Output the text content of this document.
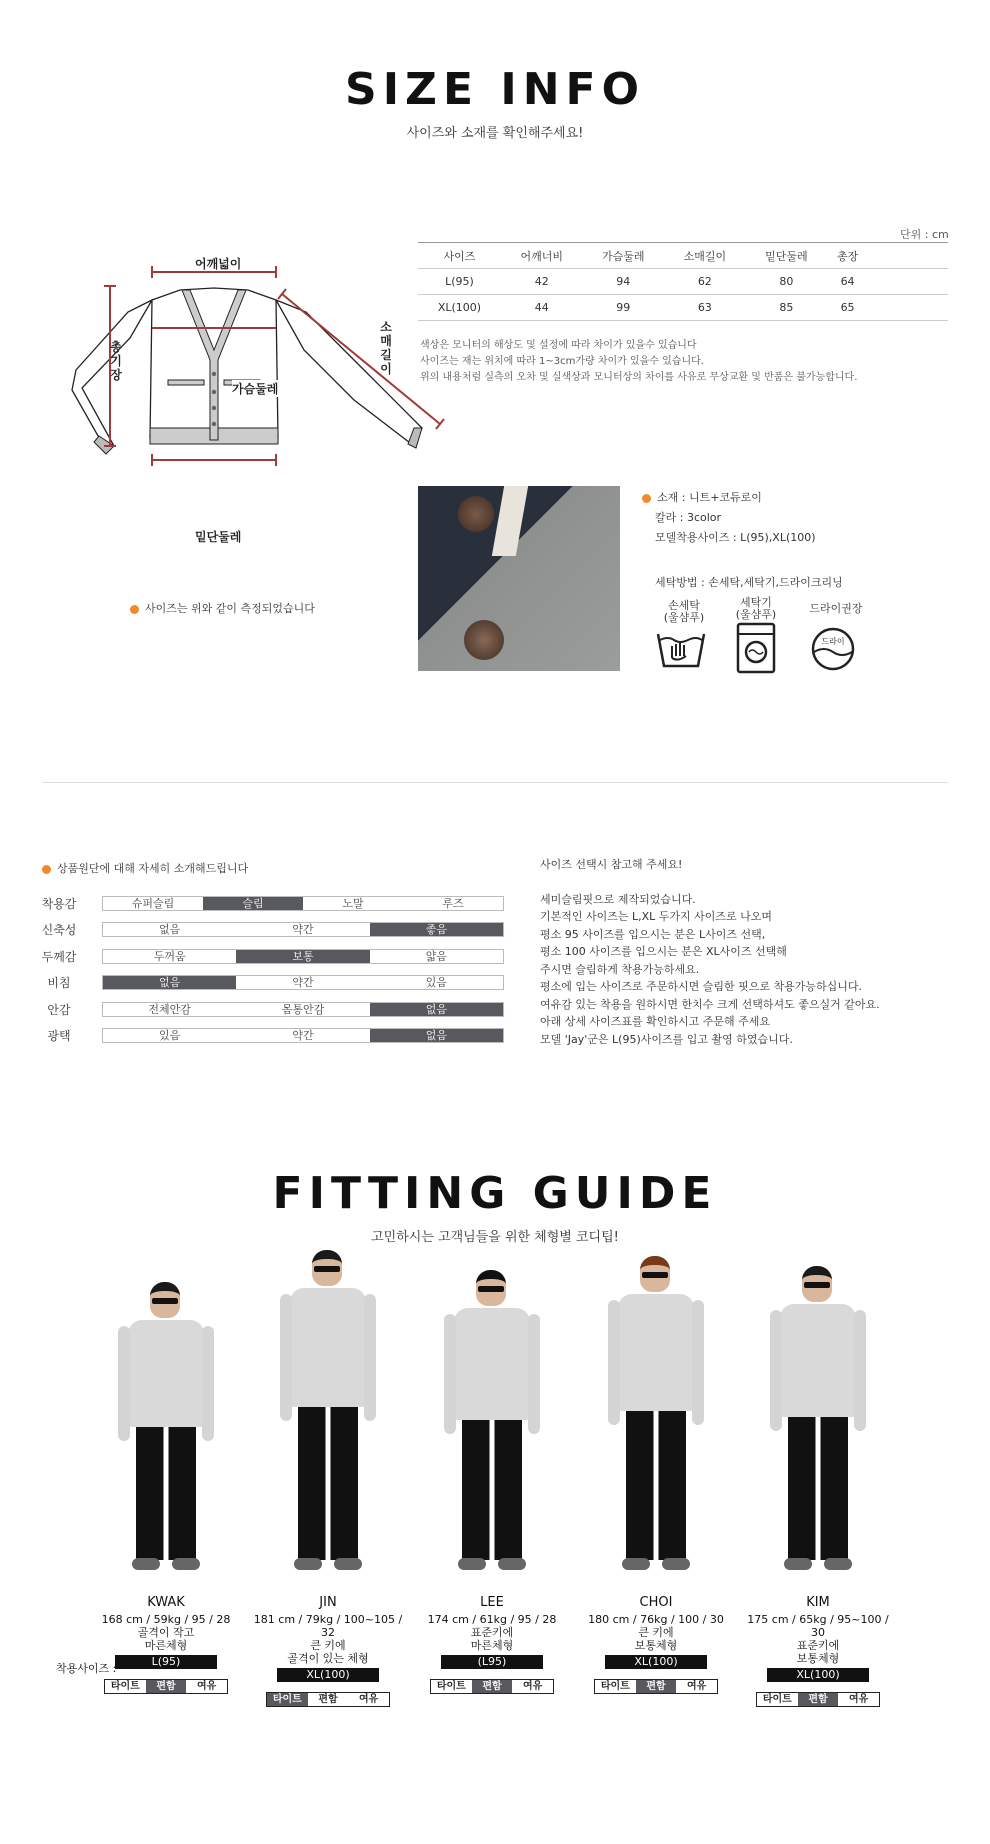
SIZE INFO
사이즈와 소재를 확인해주세요!
어깨넓이
총기장
소매길이
가슴둘레
밑단둘레
사이즈는 위와 같이 측정되었습니다
단위 : cm
사이즈	어깨너비	가슴둘레	소매길이	밑단둘레	총장	
L(95)	42	94	62	80	64	
XL(100)	44	99	63	85	65	
색상은 모니터의 해상도 및 설정에 따라 차이가 있을수 있습니다
사이즈는 재는 위치에 따라 1~3cm가량 차이가 있을수 있습니다.
위의 내용처럼 실측의 오차 및 실색상과 모니터상의 차이를 사유로 무상교환 및 반품은 불가능합니다.
소재 : 니트+코듀로이
칼라 : 3color
모델착용사이즈 : L(95),XL(100)
세탁방법 : 손세탁,세탁기,드라이크리닝
손세탁
(울샴푸)
세탁기
(울샴푸)	드라이권장
드라이
상품원단에 대해 자세히 소개해드립니다
착용감	슈퍼슬림	슬림	노말	루즈
신축성	없음	약간	좋음
두께감	두꺼움	보통	얇음
비침	없음	약간	있음
안감	전체안감	몸통안감	없음
광택	있음	약간	없음

사이즈 선택시 참고해 주세요!

세미슬림핏으로 제작되었습니다.

기본적인 사이즈는 L,XL 두가지 사이즈로 나오며

평소 95 사이즈를 입으시는 분은 L사이즈 선택,

평소 100 사이즈를 입으시는 분은 XL사이즈 선택해

주시면 슬림하게 착용가능하세요.

평소에 입는 사이즈로 주문하시면 슬림한 핏으로 착용가능하십니다.

여유감 있는 착용을 원하시면 한치수 크게 선택하셔도 좋으실거 같아요.

아래 상세 사이즈표를 확인하시고 주문해 주세요

모델 'Jay'군은 L(95)사이즈를 입고 촬영 하였습니다.

FITTING GUIDE
고민하시는 고객님들을 위한 체형별 코디팁!
KWAK
168 cm / 59kg / 95 / 28
골격이 작고
마른체형
L(95)
타이트	편함	여유
JIN
181 cm / 79kg / 100~105 / 32
큰 키에
골격이 있는 체형
XL(100)
타이트	편함	여유
LEE
174 cm / 61kg / 95 / 28
표준키에
마른체형
(L95)
타이트	편함	여유
CHOI
180 cm / 76kg / 100 / 30
큰 키에
보통체형
XL(100)
타이트	편함	여유
KIM
175 cm / 65kg / 95~100 / 30
표준키에
보통체형
XL(100)
타이트	편함	여유
착용사이즈 :
